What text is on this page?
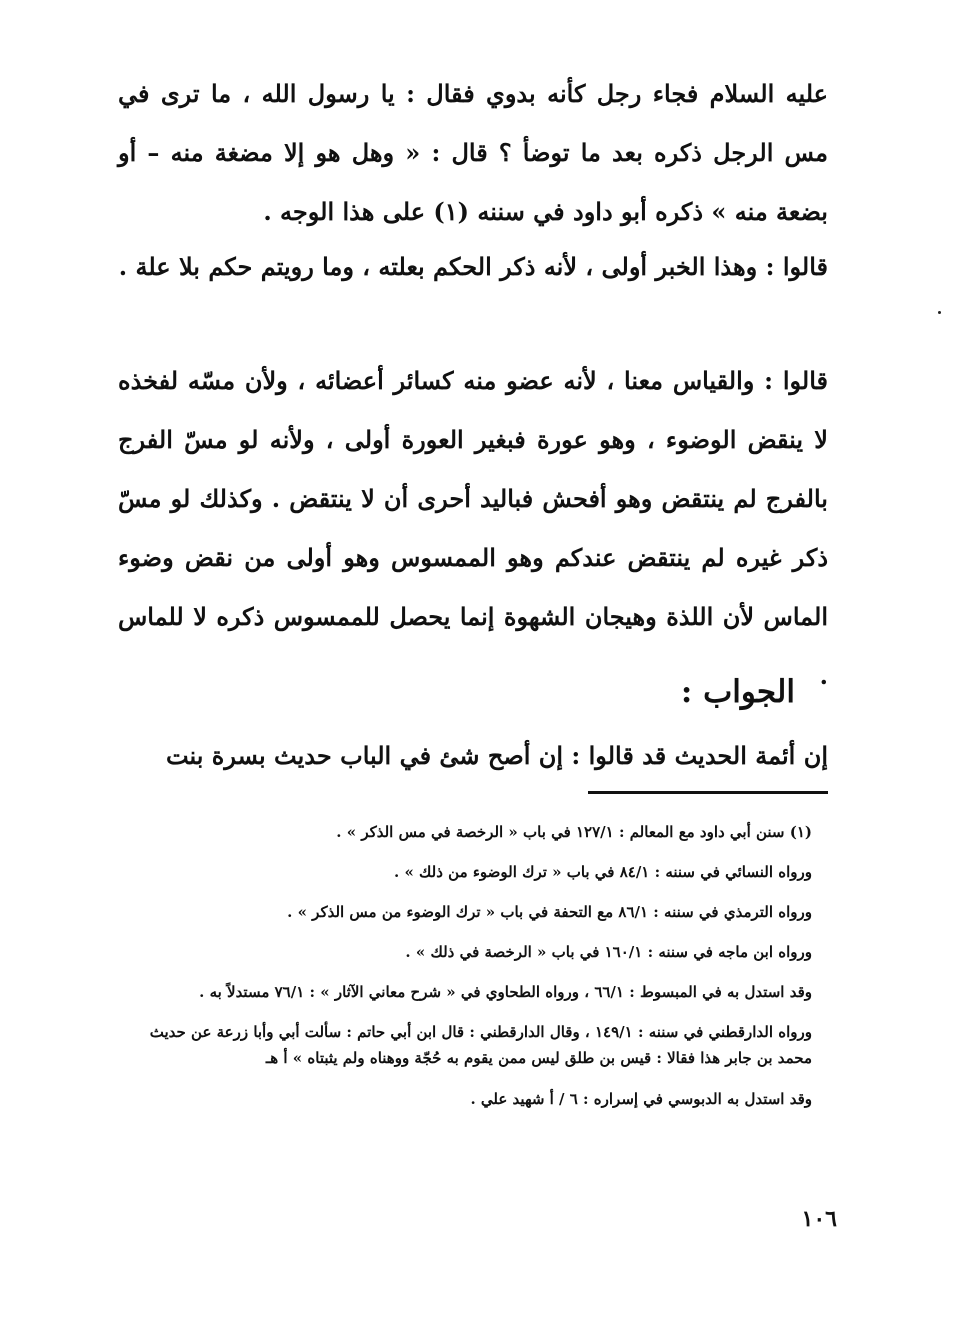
عليه السلام فجاء رجل كأنه بدوي فقال : يا رسول الله ، ما ترى في مس الرجل ذكره بعد ما توضأ ؟ قال : « وهل هو إلا مضغة منه – أو بضعة منه » ذكره أبو داود في سننه (١) على هذا الوجه .

قالوا : وهذا الخبر أولى ، لأنه ذكر الحكم بعلته ، وما رويتم حكم بلا علة .

قالوا : والقياس معنا ، لأنه عضو منه كسائر أعضائه ، ولأن مسّه لفخذه لا ينقض الوضوء ، وهو عورة فبغير العورة أولى ، ولأنه لو مسّ الفرج بالفرج لم ينتقض وهو أفحش فباليد أحرى أن لا ينتقض . وكذلك لو مسّ ذكر غيره لم ينتقض عندكم وهو الممسوس وهو أولى من نقض وضوء الماس لأن اللذة وهيجان الشهوة إنما يحصل للممسوس ذكره لا للماس .

الجواب :

إن أئمة الحديث قد قالوا : إن أصح شئ في الباب حديث بسرة بنت

(١) سنن أبي داود مع المعالم : ١٢٧/١ في باب « الرخصة في مس الذكر » .

ورواه النسائي في سننه : ٨٤/١ في باب « ترك الوضوء من ذلك » .

ورواه الترمذي في سننه : ٨٦/١ مع التحفة في باب « ترك الوضوء من مس الذكر » .

ورواه ابن ماجه في سننه : ١٦٠/١ في باب « الرخصة في ذلك » .

وقد استدل به في المبسوط : ٦٦/١ ، ورواه الطحاوي في « شرح معاني الآثار » : ٧٦/١ مستدلاً به .

ورواه الدارقطني في سننه : ١٤٩/١ ، وقال الدارقطني : قال ابن أبي حاتم : سألت أبي وأبا زرعة عن حديث محمد بن جابر هذا فقالا : قيس بن طلق ليس ممن يقوم به حُجّة ووهناه ولم يثبتاه » أ هـ

وقد استدل به الدبوسي في إسراره : ٦ / أ شهيد علي .

١٠٦
